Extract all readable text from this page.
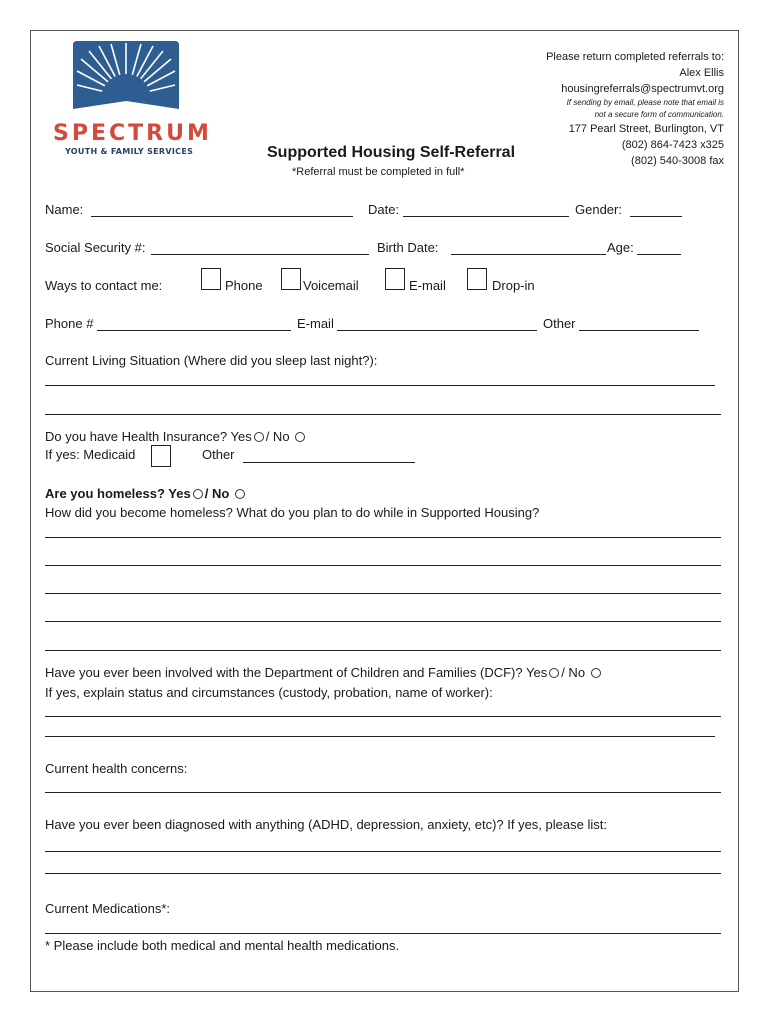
SPECTRUM
YOUTH & FAMILY SERVICES
Please return completed referrals to:
Alex Ellis
housingreferrals@spectrumvt.org
If sending by email, please note that email is
not a secure form of communication.
177 Pearl Street, Burlington, VT
(802) 864-7423 x325
(802) 540-3008 fax
Supported Housing Self-Referral
*Referral must be completed in full*
Name:	Date:	Gender:
Social Security #:	Birth Date:	Age:
Ways to contact me:	Phone	Voicemail	E-mail	Drop-in
Phone #	E-mail	Other
Current Living Situation (Where did you sleep last night?):
Do you have Health Insurance? Yes / No
If yes: Medicaid	Other
Are you homeless? Yes / No
How did you become homeless? What do you plan to do while in Supported Housing?
Have you ever been involved with the Department of Children and Families (DCF)? Yes / No
If yes, explain status and circumstances (custody, probation, name of worker):
Current health concerns:
Have you ever been diagnosed with anything (ADHD, depression, anxiety, etc)? If yes, please list:
Current Medications*:
* Please include both medical and mental health medications.
